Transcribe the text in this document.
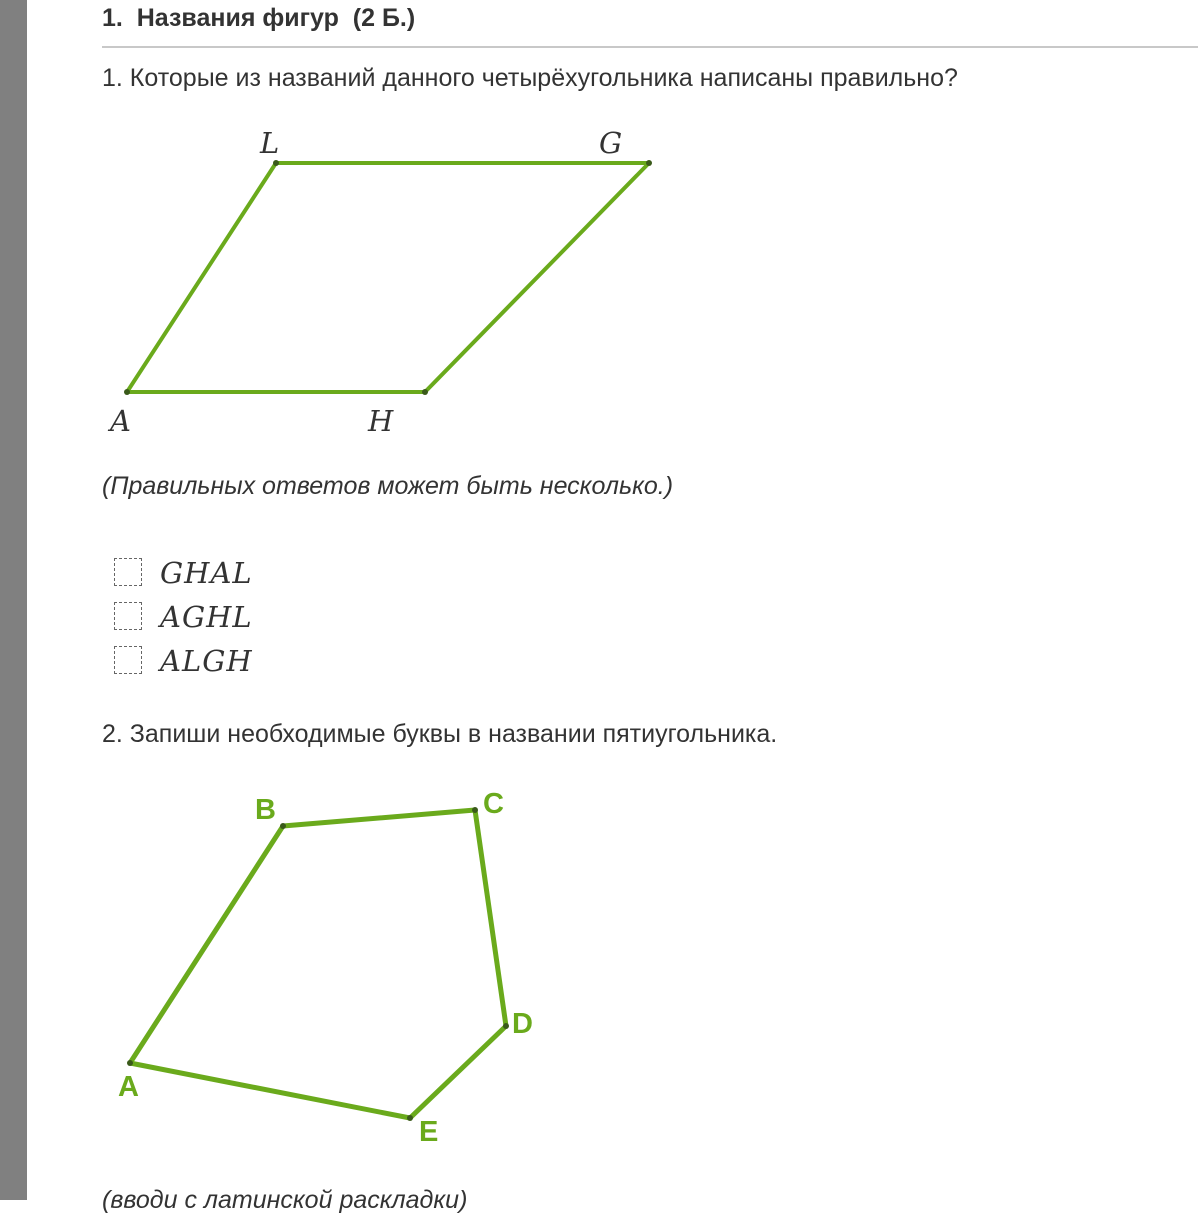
1.  Названия фигур  (2 Б.)
1. Которые из названий данного четырёхугольника написаны правильно?
(Правильных ответов может быть несколько.)
GHAL
AGHL
ALGH
2. Запиши необходимые буквы в названии пятиугольника.
L	G
A	H
B	C
D
A
E
(вводи с латинской раскладки)
